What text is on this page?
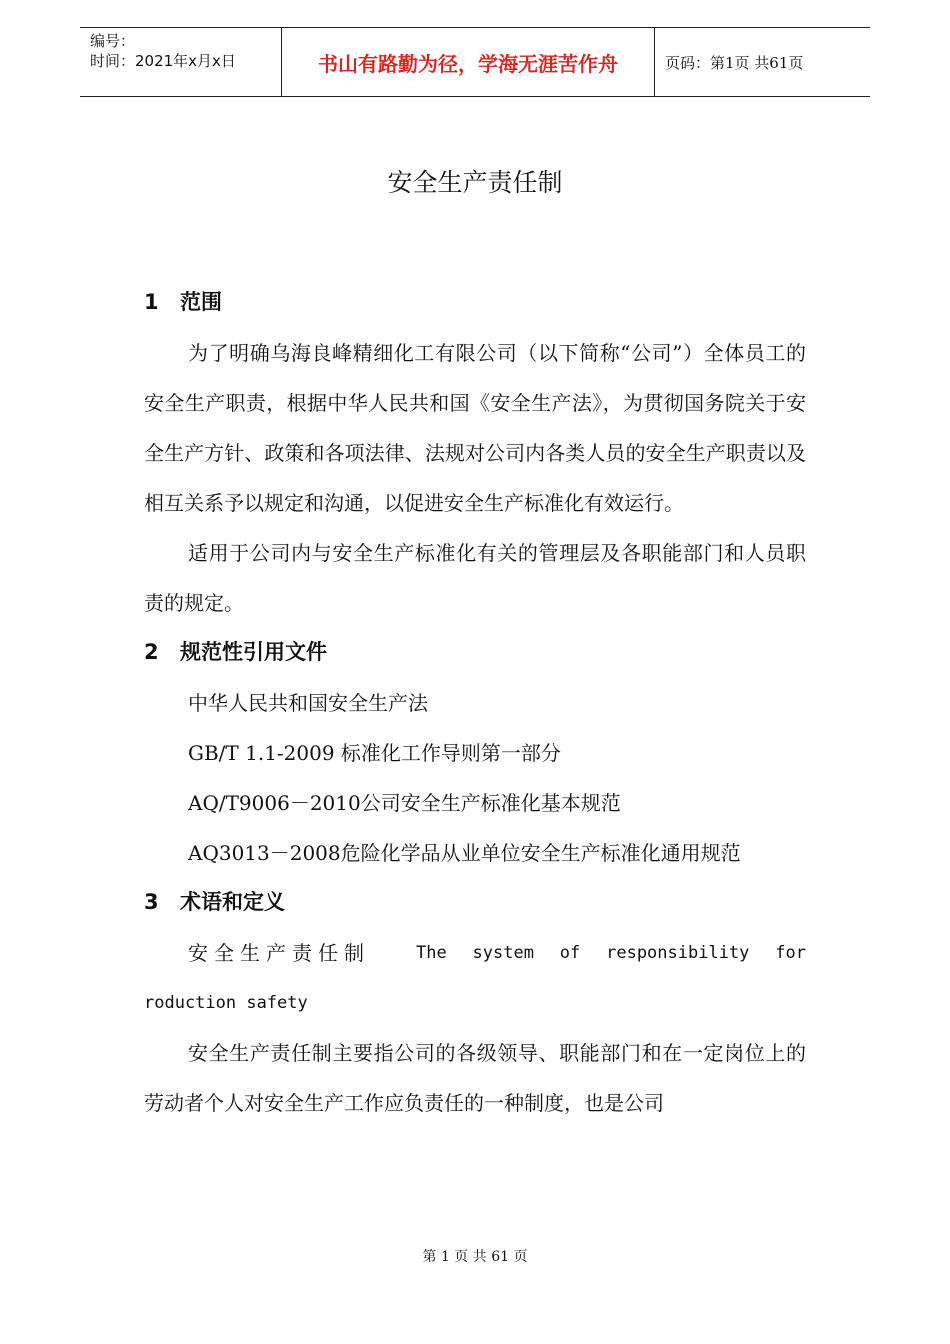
编号：
时间：2021年x月x日	书山有路勤为径，学海无涯苦作舟	页码：第1页 共61页
安全生产责任制
1 范围

为了明确乌海良峰精细化工有限公司（以下简称“公司”）全体员工的安全生产职责，根据中华人民共和国《安全生产法》，为贯彻国务院关于安全生产方针、政策和各项法律、法规对公司内各类人员的安全生产职责以及相互关系予以规定和沟通，以促进安全生产标准化有效运行。

适用于公司内与安全生产标准化有关的管理层及各职能部门和人员职责的规定。

2 规范性引用文件

中华人民共和国安全生产法

GB/T 1.1-2009 标准化工作导则第一部分

AQ/T9006－2010公司安全生产标准化基本规范

AQ3013－2008危险化学品从业单位安全生产标准化通用规范

3 术语和定义

安全生产责任制	The system of responsibility for

roduction safety

安全生产责任制主要指公司的各级领导、职能部门和在一定岗位上的劳动者个人对安全生产工作应负责任的一种制度，也是公司

第 1 页 共 61 页
